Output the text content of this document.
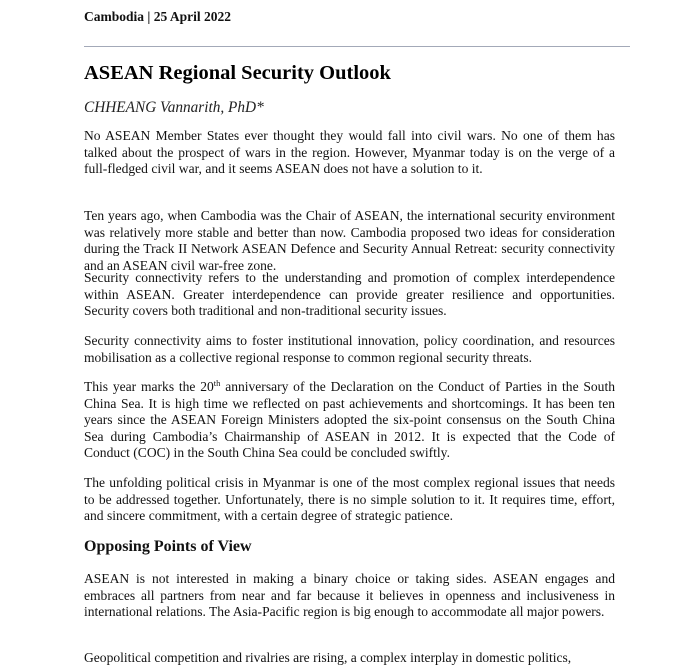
Cambodia | 25 April 2022
ASEAN Regional Security Outlook

CHHEANG Vannarith, PhD*

No ASEAN Member States ever thought they would fall into civil wars. No one of them has talked about the prospect of wars in the region. However, Myanmar today is on the verge of a full-fledged civil war, and it seems ASEAN does not have a solution to it.

Ten years ago, when Cambodia was the Chair of ASEAN, the international security environment was relatively more stable and better than now. Cambodia proposed two ideas for consideration during the Track II Network ASEAN Defence and Security Annual Retreat: security connectivity and an ASEAN civil war-free zone.

Security connectivity refers to the understanding and promotion of complex interdependence within ASEAN. Greater interdependence can provide greater resilience and opportunities. Security covers both traditional and non-traditional security issues.

Security connectivity aims to foster institutional innovation, policy coordination, and resources mobilisation as a collective regional response to common regional security threats.

This year marks the 20th anniversary of the Declaration on the Conduct of Parties in the South China Sea. It is high time we reflected on past achievements and shortcomings. It has been ten years since the ASEAN Foreign Ministers adopted the six-point consensus on the South China Sea during Cambodia’s Chairmanship of ASEAN in 2012. It is expected that the Code of Conduct (COC) in the South China Sea could be concluded swiftly.

The unfolding political crisis in Myanmar is one of the most complex regional issues that needs to be addressed together. Unfortunately, there is no simple solution to it. It requires time, effort, and sincere commitment, with a certain degree of strategic patience.

Opposing Points of View

ASEAN is not interested in making a binary choice or taking sides. ASEAN engages and embraces all partners from near and far because it believes in openness and inclusiveness in international relations. The Asia-Pacific region is big enough to accommodate all major powers.

Geopolitical competition and rivalries are rising, a complex interplay in domestic politics,
